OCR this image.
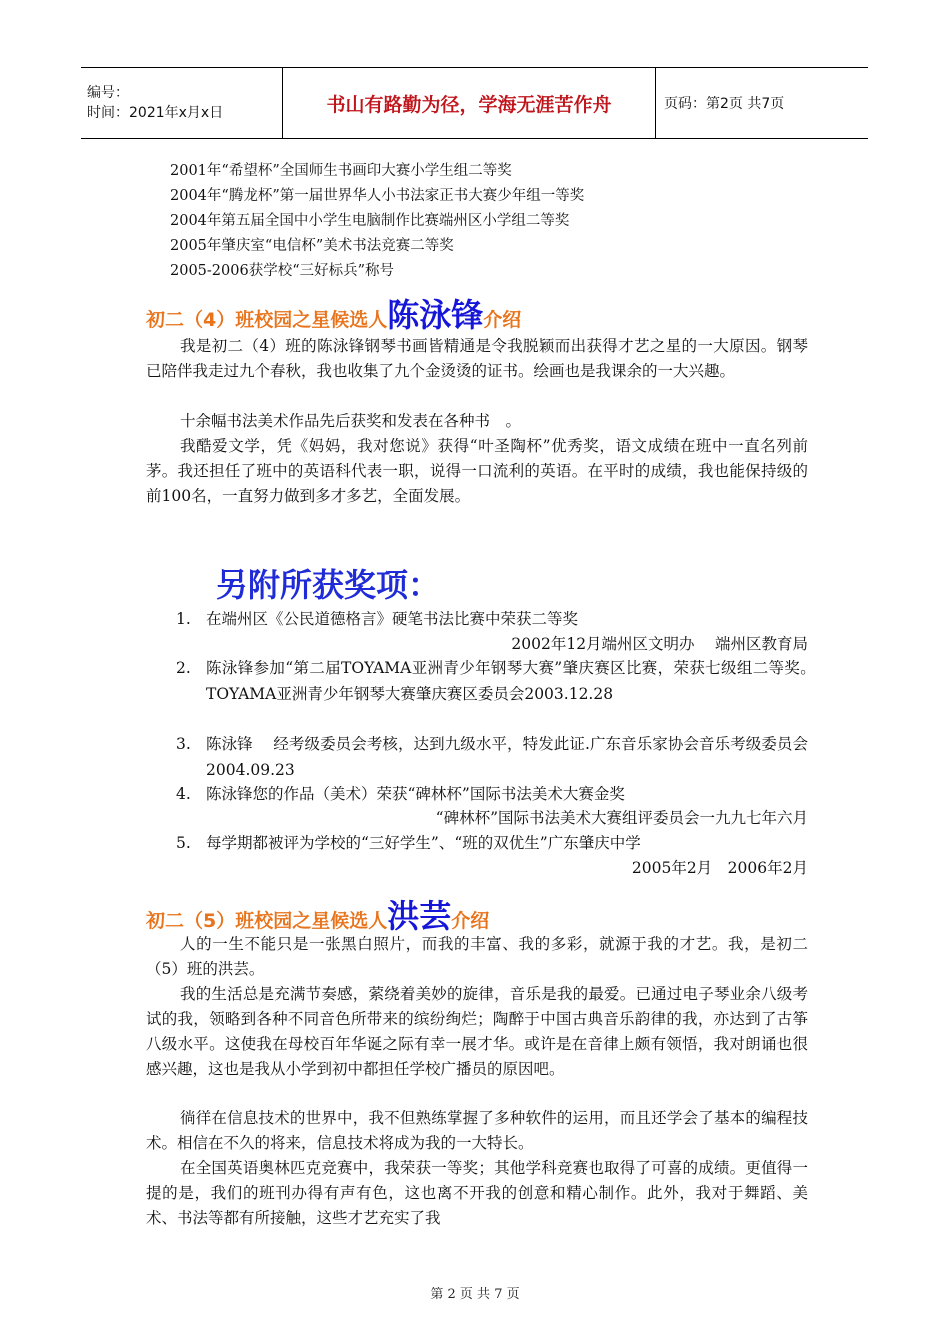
编号：
时间：2021年x月x日	书山有路勤为径，学海无涯苦作舟	页码：第2页 共7页
2001年“希望杯”全国师生书画印大赛小学生组二等奖
2004年“腾龙杯”第一届世界华人小书法家正书大赛少年组一等奖
2004年第五届全国中小学生电脑制作比赛端州区小学组二等奖
2005年肇庆室“电信杯”美术书法竞赛二等奖
2005-2006获学校“三好标兵”称号
初二（4）班校园之星候选人陈泳锋介绍
我是初二（4）班的陈泳锋钢琴书画皆精通是令我脱颖而出获得才艺之星的一大原因。钢琴已陪伴我走过九个春秋，我也收集了九个金烫烫的证书。绘画也是我课余的一大兴趣。
十余幅书法美术作品先后获奖和发表在各种书　。
我酷爱文学，凭《妈妈，我对您说》获得“叶圣陶杯”优秀奖，语文成绩在班中一直名列前茅。我还担任了班中的英语科代表一职，说得一口流利的英语。在平时的成绩，我也能保持级的前100名，一直努力做到多才多艺，全面发展。
另附所获奖项：
1. 在端州区《公民道德格言》硬笔书法比赛中荣获二等奖
2002年12月端州区文明办　 端州区教育局
2. 陈泳锋参加“第二届TOYAMA亚洲青少年钢琴大赛”肇庆赛区比赛，荣获七级组二等奖。　TOYAMA亚洲青少年钢琴大赛肇庆赛区委员会2003.12.28
3. 陈泳锋　 经考级委员会考核，达到九级水平，特发此证.广东音乐家协会音乐考级委员会2004.09.23
4. 陈泳锋您的作品（美术）荣获“碑林杯”国际书法美术大赛金奖
“碑林杯”国际书法美术大赛组评委员会一九九七年六月
5. 每学期都被评为学校的“三好学生”、“班的双优生”广东肇庆中学
2005年2月　2006年2月
初二（5）班校园之星候选人洪芸介绍
人的一生不能只是一张黑白照片，而我的丰富、我的多彩，就源于我的才艺。我，是初二（5）班的洪芸。
我的生活总是充满节奏感，萦绕着美妙的旋律，音乐是我的最爱。已通过电子琴业余八级考试的我，领略到各种不同音色所带来的缤纷绚烂；陶醉于中国古典音乐韵律的我，亦达到了古筝八级水平。这使我在母校百年华诞之际有幸一展才华。或许是在音律上颇有领悟，我对朗诵也很感兴趣，这也是我从小学到初中都担任学校广播员的原因吧。
徜徉在信息技术的世界中，我不但熟练掌握了多种软件的运用，而且还学会了基本的编程技术。相信在不久的将来，信息技术将成为我的一大特长。
在全国英语奥林匹克竞赛中，我荣获一等奖；其他学科竞赛也取得了可喜的成绩。更值得一提的是，我们的班刊办得有声有色，这也离不开我的创意和精心制作。此外，我对于舞蹈、美术、书法等都有所接触，这些才艺充实了我
第 2 页 共 7 页
